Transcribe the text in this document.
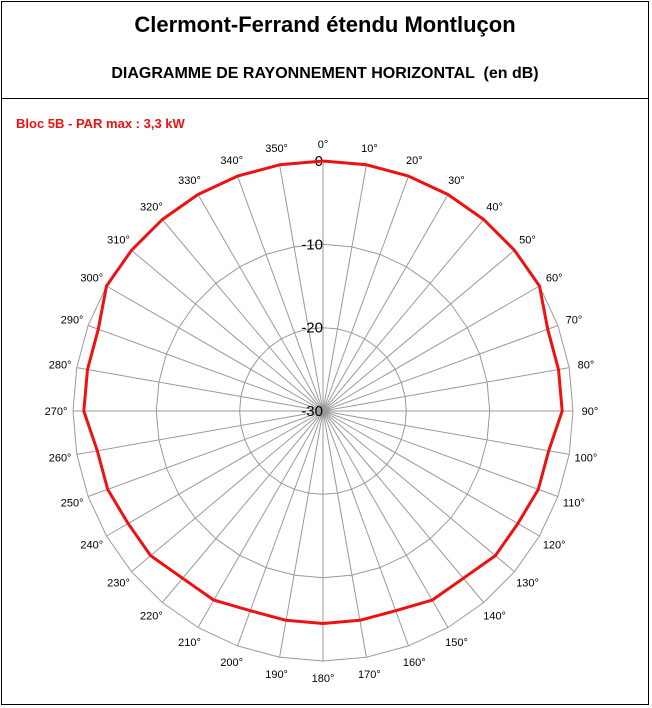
Clermont-Ferrand étendu Montluçon
DIAGRAMME DE RAYONNEMENT HORIZONTAL  (en dB)
Bloc 5B - PAR max : 3,3 kW
0°	10°
20°
30°
40°
50°
60°
70°
80°
90°
100°
110°
120°
130°
140°
150°
160°
170°
180°
190°
200°
210°
220°
230°
240°
250°
260°
270°
280°
290°
300°
310°
320°
330°
340°
350°
0
-10
-20
-30
